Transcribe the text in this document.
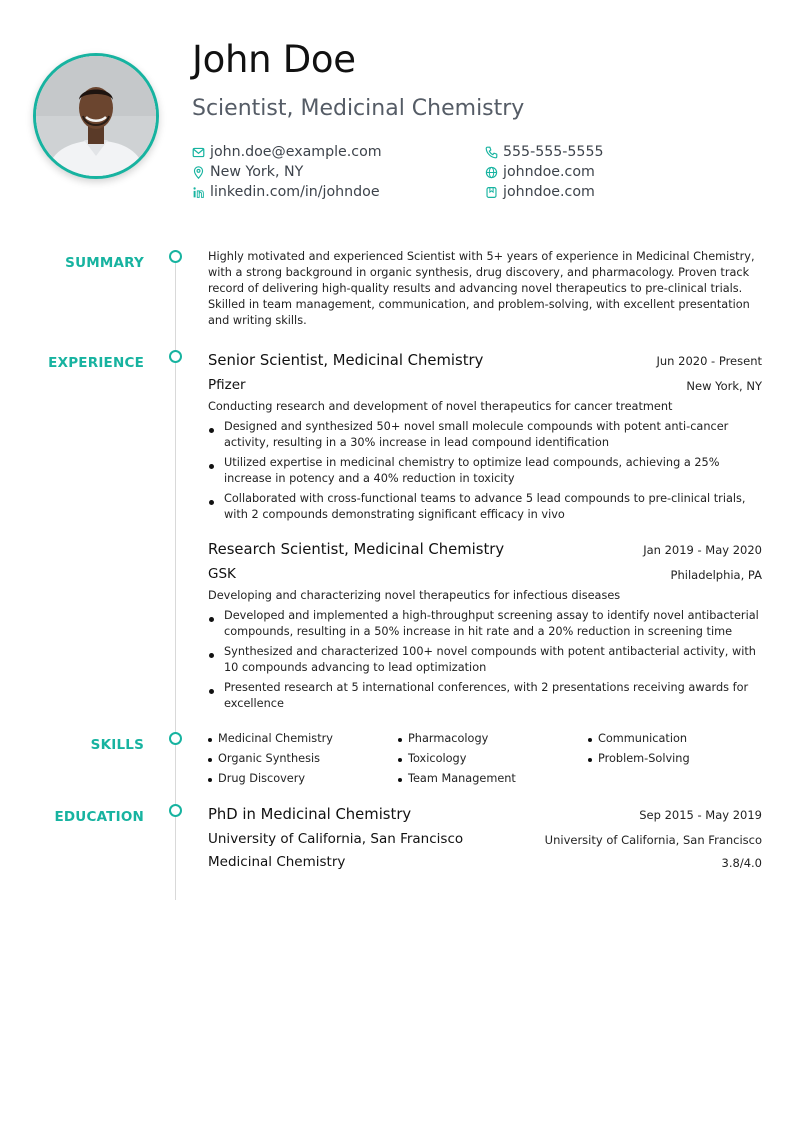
John Doe
Scientist, Medicinal Chemistry
john.doe@example.com	555-555-5555
New York, NY	johndoe.com
linkedin.com/in/johndoe	johndoe.com
SUMMARY
EXPERIENCE
SKILLS
EDUCATION
Highly motivated and experienced Scientist with 5+ years of experience in Medicinal Chemistry, with a strong background in organic synthesis, drug discovery, and pharmacology. Proven track record of delivering high-quality results and advancing novel therapeutics to pre-clinical trials. Skilled in team management, communication, and problem-solving, with excellent presentation and writing skills.
Senior Scientist, Medicinal Chemistry	Jun 2020 - Present
Pfizer	New York, NY
Conducting research and development of novel therapeutics for cancer treatment
Designed and synthesized 50+ novel small molecule compounds with potent anti-cancer activity, resulting in a 30% increase in lead compound identification
Utilized expertise in medicinal chemistry to optimize lead compounds, achieving a 25% increase in potency and a 40% reduction in toxicity
Collaborated with cross-functional teams to advance 5 lead compounds to pre-clinical trials, with 2 compounds demonstrating significant efficacy in vivo
Research Scientist, Medicinal Chemistry	Jan 2019 - May 2020
GSK	Philadelphia, PA
Developing and characterizing novel therapeutics for infectious diseases
Developed and implemented a high-throughput screening assay to identify novel antibacterial compounds, resulting in a 50% increase in hit rate and a 20% reduction in screening time
Synthesized and characterized 100+ novel compounds with potent antibacterial activity, with 10 compounds advancing to lead optimization
Presented research at 5 international conferences, with 2 presentations receiving awards for excellence
Medicinal Chemistry	Pharmacology	Communication
Organic Synthesis	Toxicology	Problem-Solving
Drug Discovery	Team Management
PhD in Medicinal Chemistry	Sep 2015 - May 2019
University of California, San Francisco	University of California, San Francisco
Medicinal Chemistry	3.8/4.0
